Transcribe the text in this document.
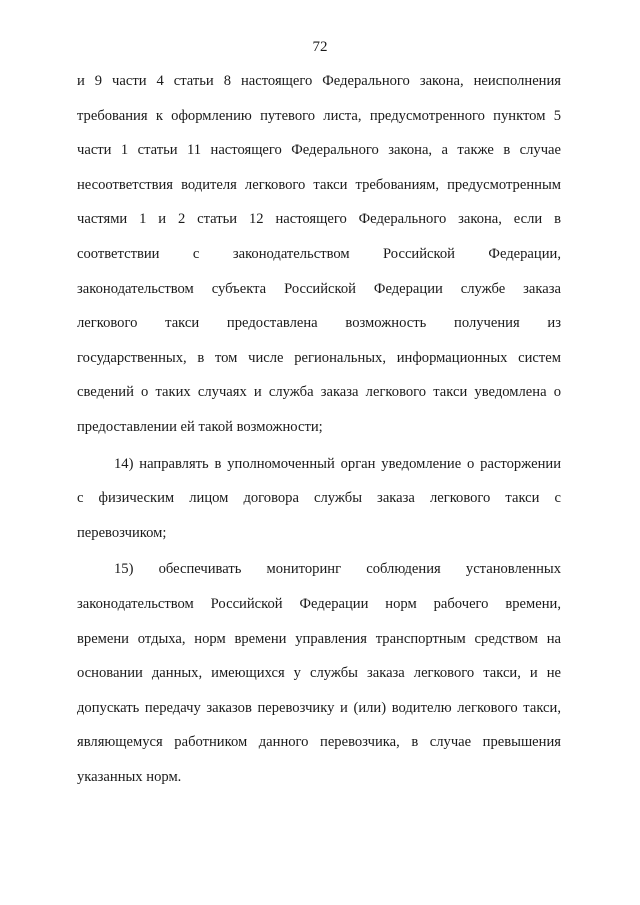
72
и 9 части 4 статьи 8 настоящего Федерального закона, неисполнения
требования к оформлению путевого листа, предусмотренного пунктом 5
части 1 статьи 11 настоящего Федерального закона, а также в случае
несоответствия водителя легкового такси требованиям, предусмотренным
частями 1 и 2 статьи 12 настоящего Федерального закона, если в
соответствии с законодательством Российской Федерации,
законодательством субъекта Российской Федерации службе заказа
легкового такси предоставлена возможность получения из
государственных, в том числе региональных, информационных систем
сведений о таких случаях и служба заказа легкового такси уведомлена о
предоставлении ей такой возможности;
14) направлять в уполномоченный орган уведомление о расторжении
с физическим лицом договора службы заказа легкового такси с
перевозчиком;
15) обеспечивать мониторинг соблюдения установленных
законодательством Российской Федерации норм рабочего времени,
времени отдыха, норм времени управления транспортным средством на
основании данных, имеющихся у службы заказа легкового такси, и не
допускать передачу заказов перевозчику и (или) водителю легкового такси,
являющемуся работником данного перевозчика, в случае превышения
указанных норм.
